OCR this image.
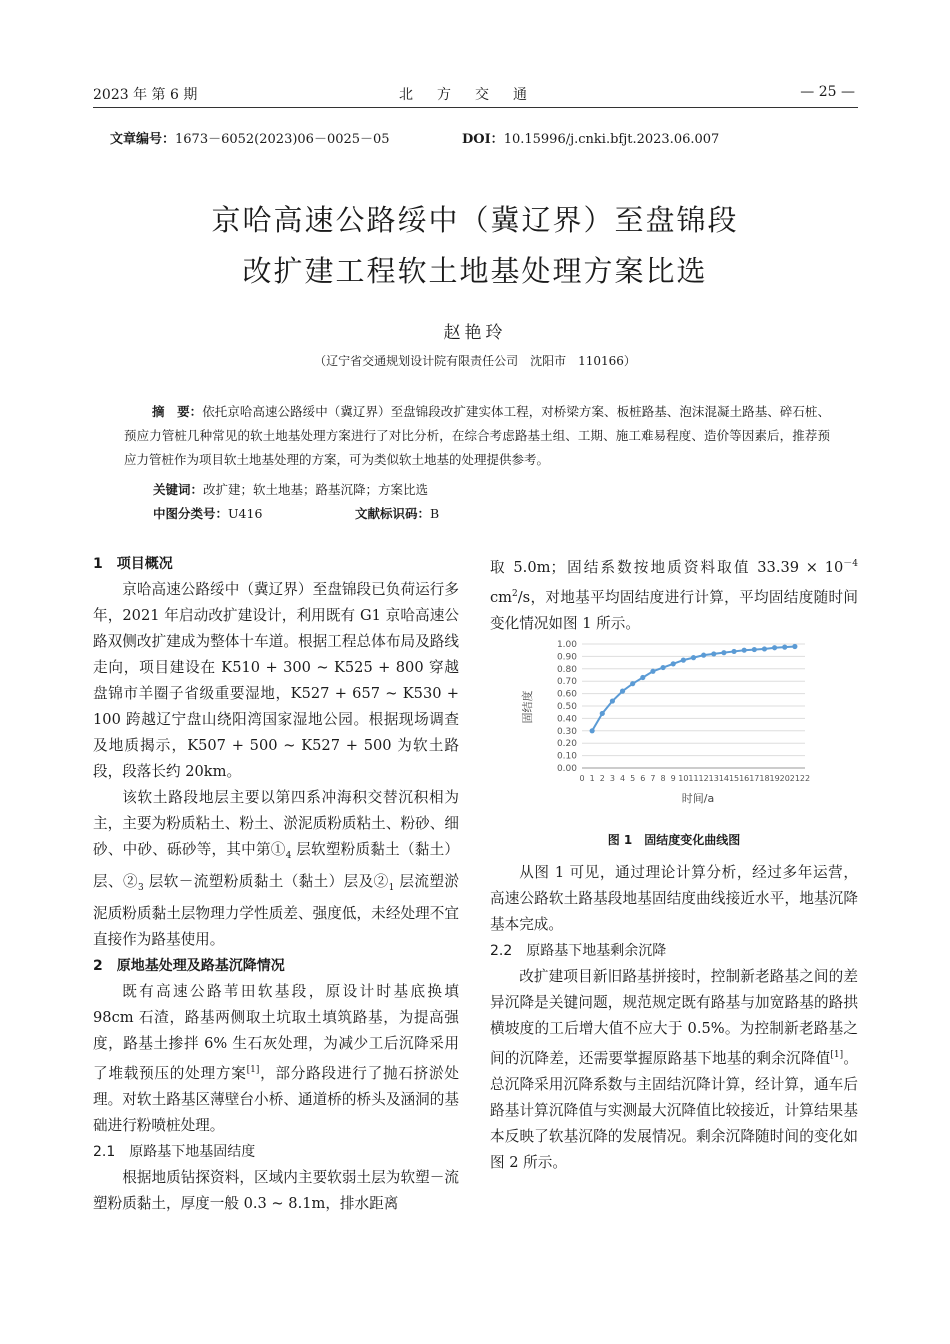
2023 年 第 6 期	北方交通	— 25 —
文章编号：1673－6052(2023)06－0025－05	DOI：10.15996/j.cnki.bfjt.2023.06.007
京哈高速公路绥中（冀辽界）至盘锦段
改扩建工程软土地基处理方案比选
赵艳玲
（辽宁省交通规划设计院有限责任公司　沈阳市　110166）
摘　要：依托京哈高速公路绥中（冀辽界）至盘锦段改扩建实体工程，对桥梁方案、板桩路基、泡沫混凝土路基、碎石桩、预应力管桩几种常见的软土地基处理方案进行了对比分析，在综合考虑路基土组、工期、施工难易程度、造价等因素后，推荐预应力管桩作为项目软土地基处理的方案，可为类似软土地基的处理提供参考。
关键词：改扩建；软土地基；路基沉降；方案比选
中图分类号：U416	文献标识码：B

1　项目概况

京哈高速公路绥中（冀辽界）至盘锦段已负荷运行多年，2021 年启动改扩建设计，利用既有 G1 京哈高速公路双侧改扩建成为整体十车道。根据工程总体布局及路线走向，项目建设在 K510 + 300 ~ K525 + 800 穿越盘锦市羊圈子省级重要湿地，K527 + 657 ~ K530 + 100 跨越辽宁盘山绕阳湾国家湿地公园。根据现场调查及地质揭示，K507 + 500 ~ K527 + 500 为软土路段，段落长约 20km。

该软土路段地层主要以第四系冲海积交替沉积相为主，主要为粉质粘土、粉土、淤泥质粉质粘土、粉砂、细砂、中砂、砾砂等，其中第$①_4$ 层软塑粉质黏土（黏土）层、$②_3$ 层软－流塑粉质黏土（黏土）层及$②_1$ 层流塑淤泥质粉质黏土层物理力学性质差、强度低，未经处理不宜直接作为路基使用。

2　原地基处理及路基沉降情况

既有高速公路苇田软基段，原设计时基底换填 98cm 石渣，路基两侧取土坑取土填筑路基，为提高强度，路基土掺拌 6% 生石灰处理，为减少工后沉降采用了堆载预压的处理方案[1]，部分路段进行了抛石挤淤处理。对软土路基区薄壁台小桥、通道桥的桥头及涵洞的基础进行粉喷桩处理。

2.1　原路基下地基固结度

根据地质钻探资料，区域内主要软弱土层为软塑－流塑粉质黏土，厚度一般 0.3 ~ 8.1m，排水距离

取 5.0m；固结系数按地质资料取值 $33.39 \times 10^{-4}$ $cm^2/s$，对地基平均固结度进行计算，平均固结度随时间变化情况如图 1 所示。

0.00
0.10
0.20
0.30
0.40
0.50
0.60
0.70
0.80
0.90
1.00
0 1 2 3 4 5 6 7 8 9 10 11 12 13 14 15 16 17 18 19 20 21 22
固结度
时间/a
图 1　固结度变化曲线图

从图 1 可见，通过理论计算分析，经过多年运营，高速公路软土路基段地基固结度曲线接近水平，地基沉降基本完成。

2.2　原路基下地基剩余沉降

改扩建项目新旧路基拼接时，控制新老路基之间的差异沉降是关键问题，规范规定既有路基与加宽路基的路拱横坡度的工后增大值不应大于 0.5%。为控制新老路基之间的沉降差，还需要掌握原路基下地基的剩余沉降值[1]。总沉降采用沉降系数与主固结沉降计算，经计算，通车后路基计算沉降值与实测最大沉降值比较接近，计算结果基本反映了软基沉降的发展情况。剩余沉降随时间的变化如图 2 所示。
